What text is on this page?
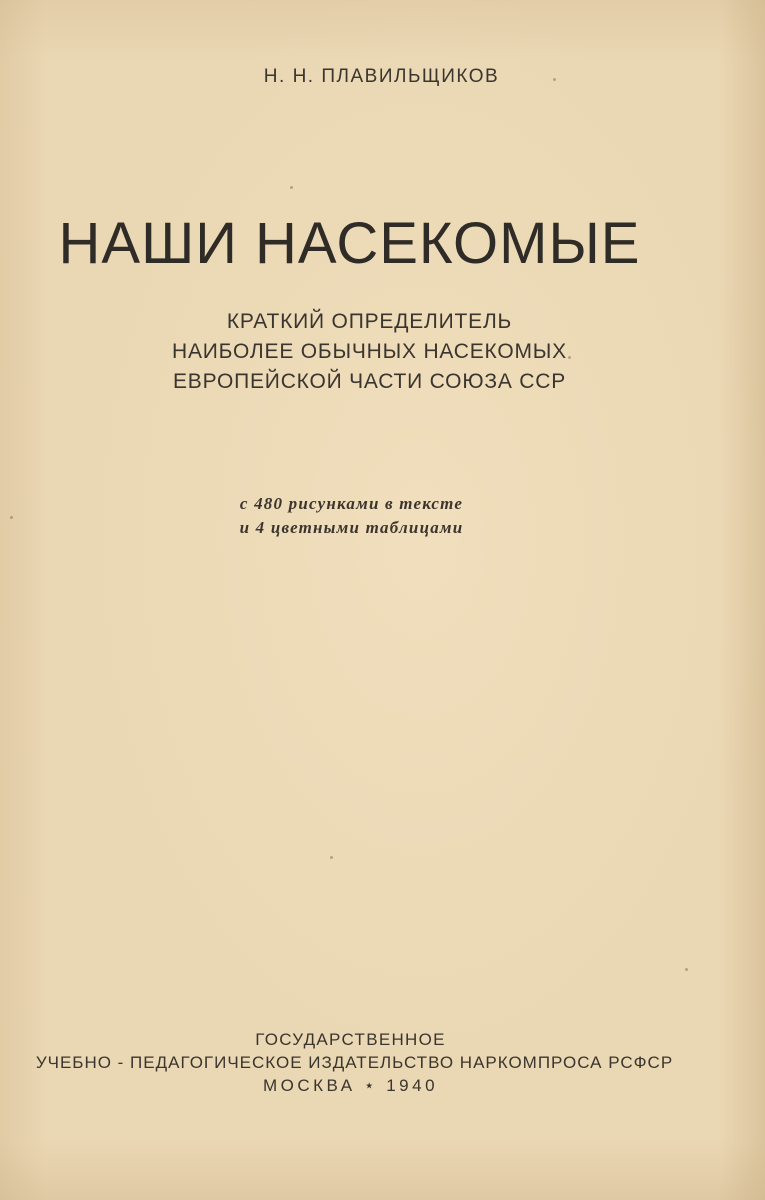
Н. Н. ПЛАВИЛЬЩИКОВ

НАШИ НАСЕКОМЫЕ

КРАТКИЙ ОПРЕДЕЛИТЕЛЬ

НАИБОЛЕЕ ОБЫЧНЫХ НАСЕКОМЫХ

ЕВРОПЕЙСКОЙ ЧАСТИ СОЮЗА ССР

с 480 рисунками в тексте

и 4 цветными таблицами

ГОСУДАРСТВЕННОЕ

УЧЕБНО - ПЕДАГОГИЧЕСКОЕ ИЗДАТЕЛЬСТВО НАРКОМПРОСА РСФСР

МОСКВА ⋆ 1940
